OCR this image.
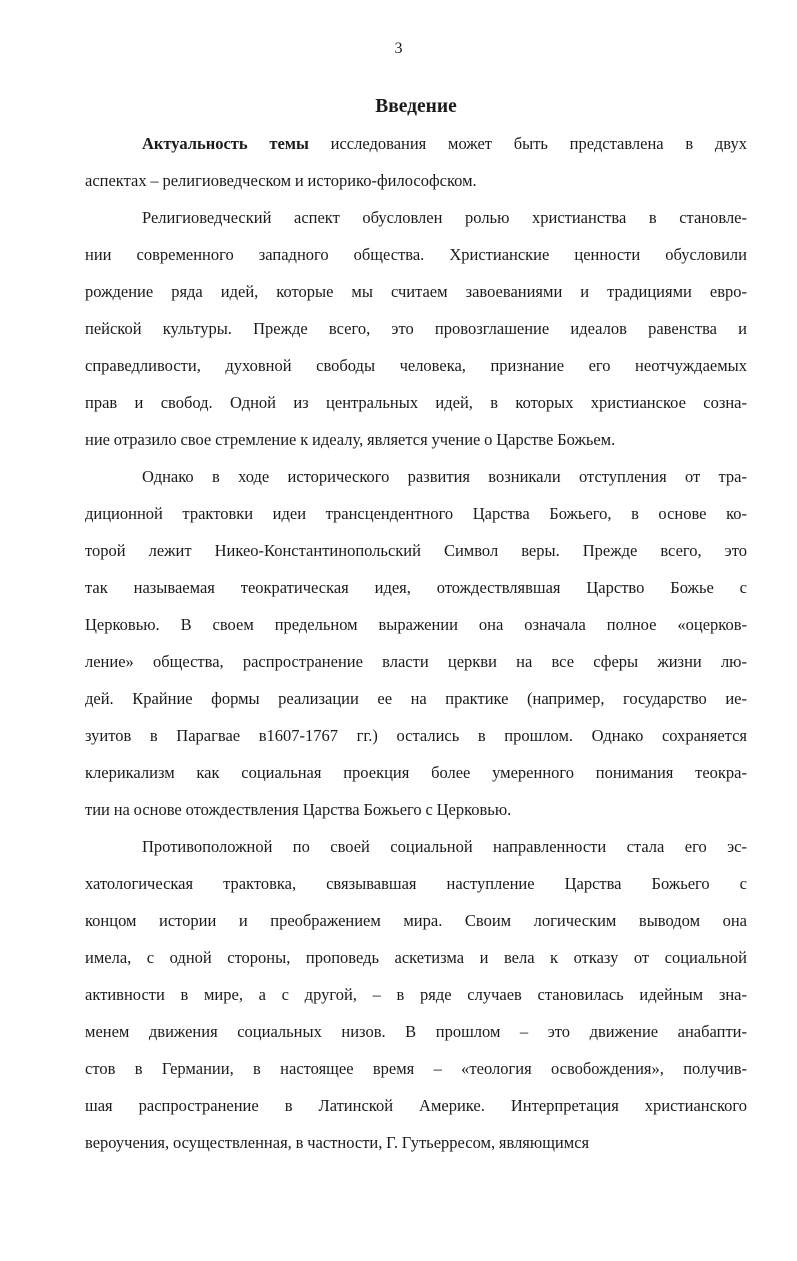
3
Введение
Актуальность темы исследования может быть представлена в двух
аспектах – религиоведческом и историко-философском.
Религиоведческий аспект обусловлен ролью христианства в становле-
нии современного западного общества. Христианские ценности обусловили
рождение ряда идей, которые мы считаем завоеваниями и традициями евро-
пейской культуры. Прежде всего, это провозглашение идеалов равенства и
справедливости, духовной свободы человека, признание его неотчуждаемых
прав и свобод. Одной из центральных идей, в которых христианское созна-
ние отразило свое стремление к идеалу, является учение о Царстве Божьем.
Однако в ходе исторического развития возникали отступления от тра-
диционной трактовки идеи трансцендентного Царства Божьего, в основе ко-
торой лежит Никео-Константинопольский Символ веры. Прежде всего, это
так называемая теократическая идея, отождествлявшая Царство Божье с
Церковью. В своем предельном выражении она означала полное «оцерков-
ление» общества, распространение власти церкви на все сферы жизни лю-
дей. Крайние формы реализации ее на практике (например, государство ие-
зуитов в Парагвае в1607-1767 гг.) остались в прошлом. Однако сохраняется
клерикализм как социальная проекция более умеренного понимания теокра-
тии на основе отождествления Царства Божьего с Церковью.
Противоположной по своей социальной направленности стала его эс-
хатологическая трактовка, связывавшая наступление Царства Божьего с
концом истории и преображением мира. Своим логическим выводом она
имела, с одной стороны, проповедь аскетизма и вела к отказу от социальной
активности в мире, а с другой, – в ряде случаев становилась идейным зна-
менем движения социальных низов. В прошлом – это движение анабапти-
стов в Германии, в настоящее время – «теология освобождения», получив-
шая распространение в Латинской Америке. Интерпретация христианского
вероучения, осуществленная, в частности, Г. Гутьерресом, являющимся
